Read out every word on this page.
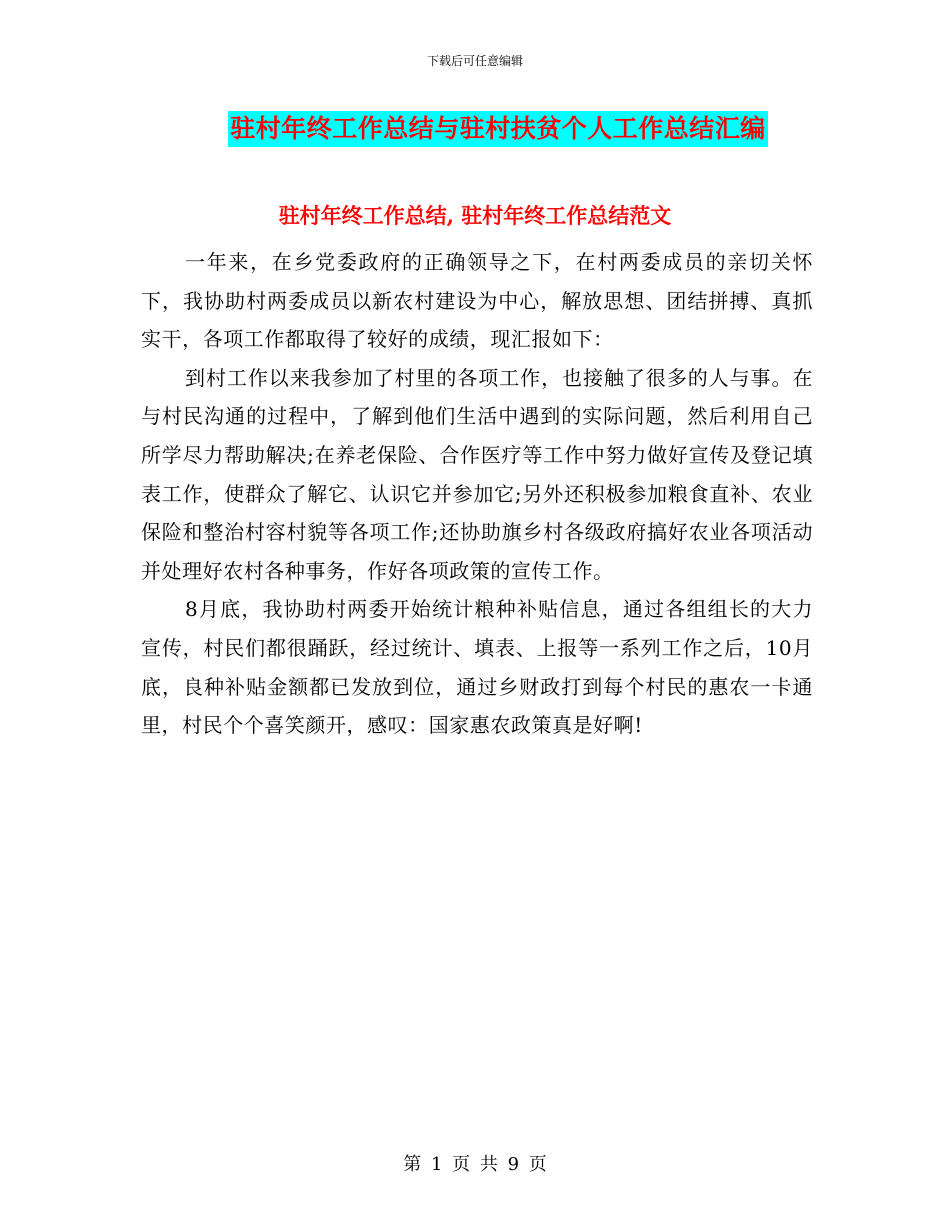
下载后可任意编辑
驻村年终工作总结与驻村扶贫个人工作总结汇编
驻村年终工作总结, 驻村年终工作总结范文

一年来，在乡党委政府的正确领导之下，在村两委成员的亲切关怀下，我协助村两委成员以新农村建设为中心，解放思想、团结拼搏、真抓实干，各项工作都取得了较好的成绩，现汇报如下：

到村工作以来我参加了村里的各项工作，也接触了很多的人与事。在与村民沟通的过程中，了解到他们生活中遇到的实际问题，然后利用自己所学尽力帮助解决;在养老保险、合作医疗等工作中努力做好宣传及登记填表工作，使群众了解它、认识它并参加它;另外还积极参加粮食直补、农业保险和整治村容村貌等各项工作;还协助旗乡村各级政府搞好农业各项活动并处理好农村各种事务，作好各项政策的宣传工作。

8月底，我协助村两委开始统计粮种补贴信息，通过各组组长的大力宣传，村民们都很踊跃，经过统计、填表、上报等一系列工作之后，10月底，良种补贴金额都已发放到位，通过乡财政打到每个村民的惠农一卡通里，村民个个喜笑颜开，感叹：国家惠农政策真是好啊!

第 1 页 共 9 页
